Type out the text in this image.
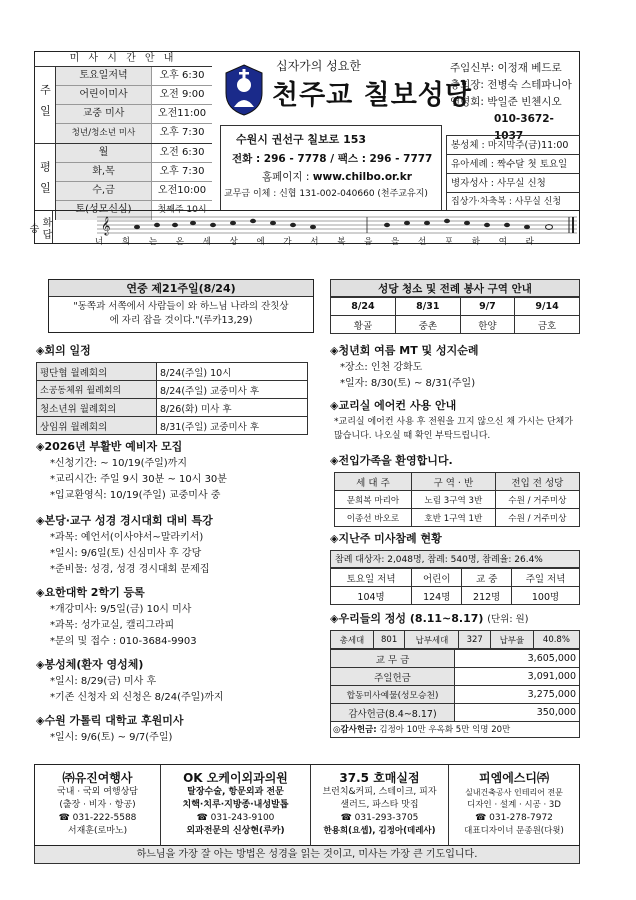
미 사 시 간 안 내
주일
토요일저녁	오후 6:30
어린이미사	오전 9:00
교중 미사	오전11:00
청년/청소년 미사	오후 7:30
평일
월	오전 6:30
화,목	오후 7:30
수,금	오전10:00
토(성모신심)	첫째주 10시
십자가의 성요한
천주교 칠보성당
수원시 권선구 칠보로 153
전화 : 296 - 7778 / 팩스 : 296 - 7777
홈페이지 : www.chilbo.or.kr
교무금 이체 : 신협 131-002-040660 (천주교유지)
주임신부: 이정재 베드로
총회장: 전병숙 스테파니아
연령회: 박일준 빈첸시오
010-3672-1037
봉성체 : 마지막주(금)11:00
유아세례 : 짝수달 첫 토요일
병자성사 : 사무실 신청
집상가·차축복 : 사무실 신청
화답송	𝄞
너 희 는 온 세 상 에 가 서 복 음 을 선 포 하 여 라
연중 제21주일(8/24)
"동쪽과 서쪽에서 사람들이 와 하느님 나라의 잔칫상에 자리 잡을 것이다."(루카13,29)
성당 청소 및 전례 봉사 구역 안내
8/24	8/31	9/7	9/14
황골	중촌	한양	금호
◈회의 일정
평단협 월례회의	8/24(주일) 10시
소공동체위 월례회의	8/24(주일) 교중미사 후
청소년위 월례회의	8/26(화) 미사 후
상임위 월례회의	8/31(주일) 교중미사 후
◈2026년 부활반 예비자 모집
*신청기간: ~ 10/19(주일)까지
*교리시간: 주일 9시 30분 ~ 10시 30분
*입교환영식: 10/19(주일) 교중미사 중
◈본당·교구 성경 경시대회 대비 특강
*과목: 예언서(이사야서~말라키서)
*일시: 9/6일(토) 신심미사 후 강당
*준비물: 성경, 성경 경시대회 문제집
◈요한대학 2학기 등록
*개강미사: 9/5일(금) 10시 미사
*과목: 성가교실, 캘리그라피
*문의 및 접수 : 010-3684-9903
◈봉성체(환자 영성체)
*일시: 8/29(금) 미사 후
*기존 신청자 외 신청은 8/24(주일)까지
◈수원 가톨릭 대학교 후원미사
*일시: 9/6(토) ~ 9/7(주일)
◈청년회 여름 MT 및 성지순례
*장소: 인천 강화도
*일자: 8/30(토) ~ 8/31(주일)
◈교리실 에어컨 사용 안내
*교리실 에어컨 사용 후 전원을 끄지 않으신 채 가시는 단체가 많습니다. 나오실 때 확인 부탁드립니다.
◈전입가족을 환영합니다.
세 대 주	구 역 · 반	전입 전 성당
문희복 마리아	노림 3구역 3반	수원 / 거주미상
이종선 바오로	호반 1구역 1반	수원 / 거주미상
◈지난주 미사참례 현황
참례 대상자: 2,048명, 참례: 540명, 참례율: 26.4%
토요일 저녁	어린이	교 중	주일 저녁
104명	124명	212명	100명
◈우리들의 정성 (8.11~8.17) (단위: 원)
총세대	801	납부세대	327	납부율	40.8%
교 무 금	3,605,000
주일헌금	3,091,000
합동미사예물(성모승천)	3,275,000
감사헌금(8.4~8.17)	350,000
◎감사헌금: 김정아 10만 우옥화 5만 익명 20만
㈜유진여행사
국내 · 국외 여행상담
(출장 · 비자 · 항공)
☎ 031-222-5588
서재훈(로마노)
OK 오케이외과의원
탈장수술, 항문외과 전문
치핵·치루·지방종·내성발톱
☎ 031-243-9100
외과전문의 신상현(루카)
37.5 호매실점
브런치&커피, 스테이크, 피자
샐러드, 파스타 맛집
☎ 031-293-3705
한용희(요셉), 김정아(데레사)
피엠에스디㈜
실내건축공사 인테리어 전문
디자인 · 설계 · 시공 · 3D
☎ 031-278-7972
대표디자이너 문종원(다윗)
하느님을 가장 잘 아는 방법은 성경을 읽는 것이고, 미사는 가장 큰 기도입니다.
